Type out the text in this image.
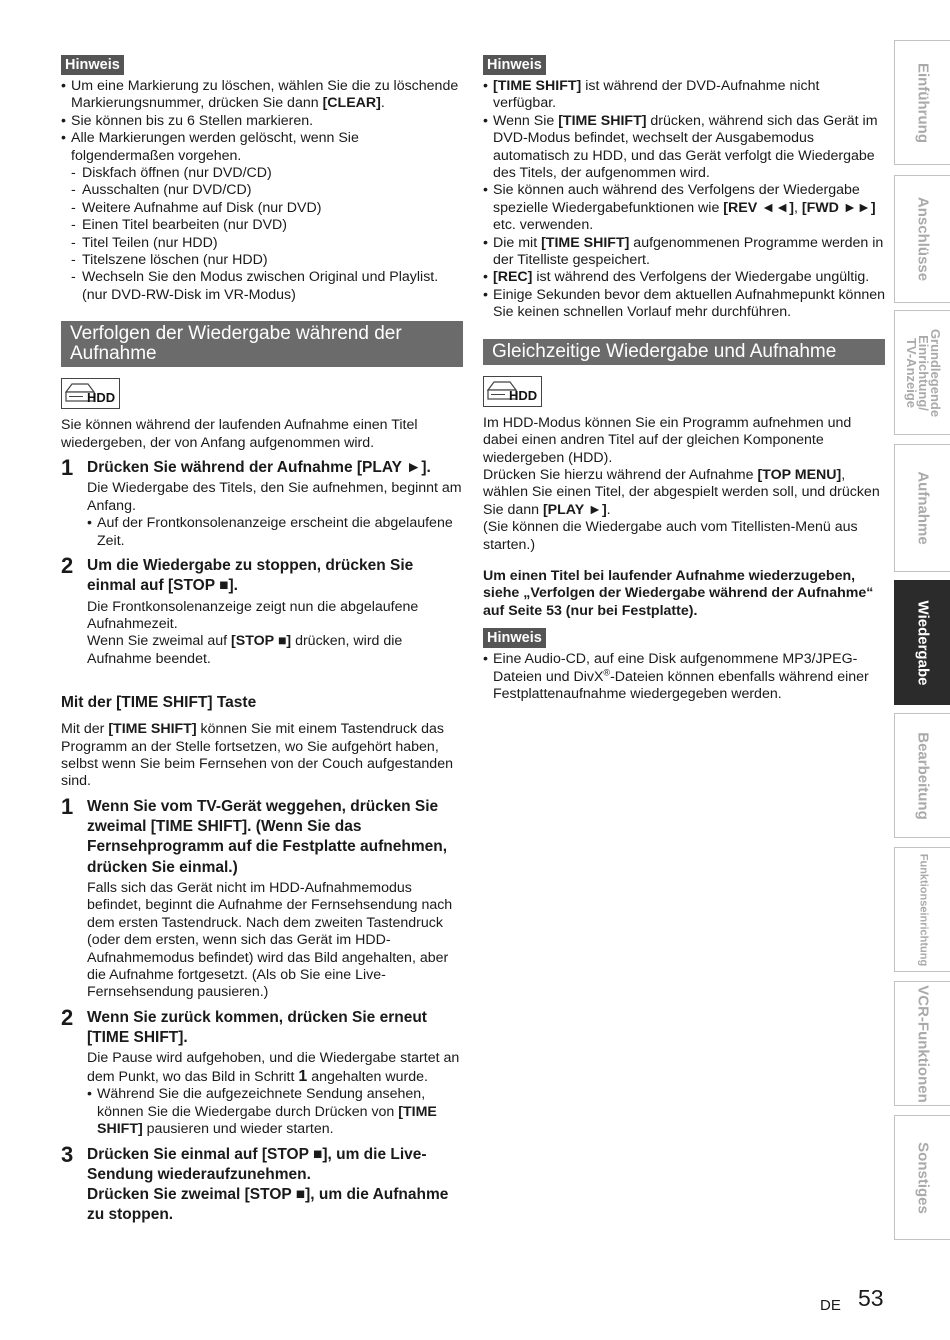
Hinweis
• Um eine Markierung zu löschen, wählen Sie die zu löschende Markierungsnummer, drücken Sie dann [CLEAR].
• Sie können bis zu 6 Stellen markieren.
• Alle Markierungen werden gelöscht, wenn Sie folgendermaßen vorgehen.
- Diskfach öffnen (nur DVD/CD)
- Ausschalten (nur DVD/CD)
- Weitere Aufnahme auf Disk (nur DVD)
- Einen Titel bearbeiten (nur DVD)
- Titel Teilen (nur HDD)
- Titelszene löschen (nur HDD)
- Wechseln Sie den Modus zwischen Original und Playlist. (nur DVD-RW-Disk im VR-Modus)
Verfolgen der Wiedergabe während der Aufnahme
HDD

Sie können während der laufenden Aufnahme einen Titel wiedergeben, der von Anfang aufgenommen wird.

1 Drücken Sie während der Aufnahme [PLAY ►].

Die Wiedergabe des Titels, den Sie aufnehmen, beginnt am Anfang.

• Auf der Frontkonsolenanzeige erscheint die abgelaufene Zeit.
2 Um die Wiedergabe zu stoppen, drücken Sie einmal auf [STOP ■].

Die Frontkonsolenanzeige zeigt nun die abgelaufene Aufnahmezeit.

Wenn Sie zweimal auf [STOP ■] drücken, wird die Aufnahme beendet.

Mit der [TIME SHIFT] Taste

Mit der [TIME SHIFT] können Sie mit einem Tastendruck das Programm an der Stelle fortsetzen, wo Sie aufgehört haben, selbst wenn Sie beim Fernsehen von der Couch aufgestanden sind.

1 Wenn Sie vom TV-Gerät weggehen, drücken Sie zweimal [TIME SHIFT]. (Wenn Sie das Fernsehprogramm auf die Festplatte aufnehmen, drücken Sie einmal.)
Falls sich das Gerät nicht im HDD-Aufnahmemodus befindet, beginnt die Aufnahme der Fernsehsendung nach dem ersten Tastendruck. Nach dem zweiten Tastendruck (oder dem ersten, wenn sich das Gerät im HDD-Aufnahmemodus befindet) wird das Bild angehalten, aber die Aufnahme fortgesetzt. (Als ob Sie eine Live-Fernsehsendung pausieren.)
2 Wenn Sie zurück kommen, drücken Sie erneut [TIME SHIFT].

Die Pause wird aufgehoben, und die Wiedergabe startet an dem Punkt, wo das Bild in Schritt 1 angehalten wurde.

• Während Sie die aufgezeichnete Sendung ansehen, können Sie die Wiedergabe durch Drücken von [TIME SHIFT] pausieren und wieder starten.
3 Drücken Sie einmal auf [STOP ■], um die Live-Sendung wiederaufzunehmen.
Drücken Sie zweimal [STOP ■], um die Aufnahme zu stoppen.
Hinweis
• [TIME SHIFT] ist während der DVD-Aufnahme nicht verfügbar.
• Wenn Sie [TIME SHIFT] drücken, während sich das Gerät im DVD-Modus befindet, wechselt der Ausgabemodus automatisch zu HDD, und das Gerät verfolgt die Wiedergabe des Titels, der aufgenommen wird.
• Sie können auch während des Verfolgens der Wiedergabe spezielle Wiedergabefunktionen wie [REV ◄◄], [FWD ►►] etc. verwenden.
• Die mit [TIME SHIFT] aufgenommenen Programme werden in der Titelliste gespeichert.
• [REC] ist während des Verfolgens der Wiedergabe ungültig.
• Einige Sekunden bevor dem aktuellen Aufnahmepunkt können Sie keinen schnellen Vorlauf mehr durchführen.
Gleichzeitige Wiedergabe und Aufnahme
HDD

Im HDD-Modus können Sie ein Programm aufnehmen und dabei einen andren Titel auf der gleichen Komponente wiedergeben (HDD).

Drücken Sie hierzu während der Aufnahme [TOP MENU], wählen Sie einen Titel, der abgespielt werden soll, und drücken Sie dann [PLAY ►].

(Sie können die Wiedergabe auch vom Titellisten-Menü aus starten.)

Um einen Titel bei laufender Aufnahme wiederzugeben, siehe „Verfolgen der Wiedergabe während der Aufnahme“ auf Seite 53 (nur bei Festplatte).

Hinweis
• Eine Audio-CD, auf eine Disk aufgenommene MP3/JPEG-Dateien und DivX®-Dateien können ebenfalls während einer Festplattenaufnahme wiedergegeben werden.
Einführung
Anschlüsse
Grundlegende
Einrichtung/
TV-Anzeige
Aufnahme
Wiedergabe
Bearbeitung
Funktionseinrichtung
VCR-Funktionen
Sonstiges
DE 53
